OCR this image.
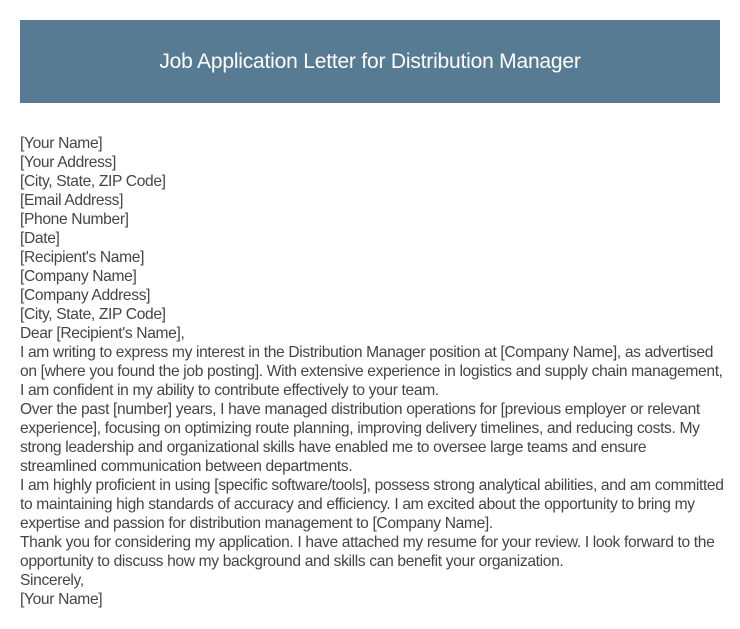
Job Application Letter for Distribution Manager
[Your Name]
[Your Address]
[City, State, ZIP Code]
[Email Address]
[Phone Number]
[Date]
[Recipient's Name]
[Company Name]
[Company Address]
[City, State, ZIP Code]
Dear [Recipient's Name],
I am writing to express my interest in the Distribution Manager position at [Company Name], as advertised on [where you found the job posting]. With extensive experience in logistics and supply chain management, I am confident in my ability to contribute effectively to your team.
Over the past [number] years, I have managed distribution operations for [previous employer or relevant experience], focusing on optimizing route planning, improving delivery timelines, and reducing costs. My strong leadership and organizational skills have enabled me to oversee large teams and ensure streamlined communication between departments.
I am highly proficient in using [specific software/tools], possess strong analytical abilities, and am committed to maintaining high standards of accuracy and efficiency. I am excited about the opportunity to bring my expertise and passion for distribution management to [Company Name].
Thank you for considering my application. I have attached my resume for your review. I look forward to the opportunity to discuss how my background and skills can benefit your organization.
Sincerely,
[Your Name]
